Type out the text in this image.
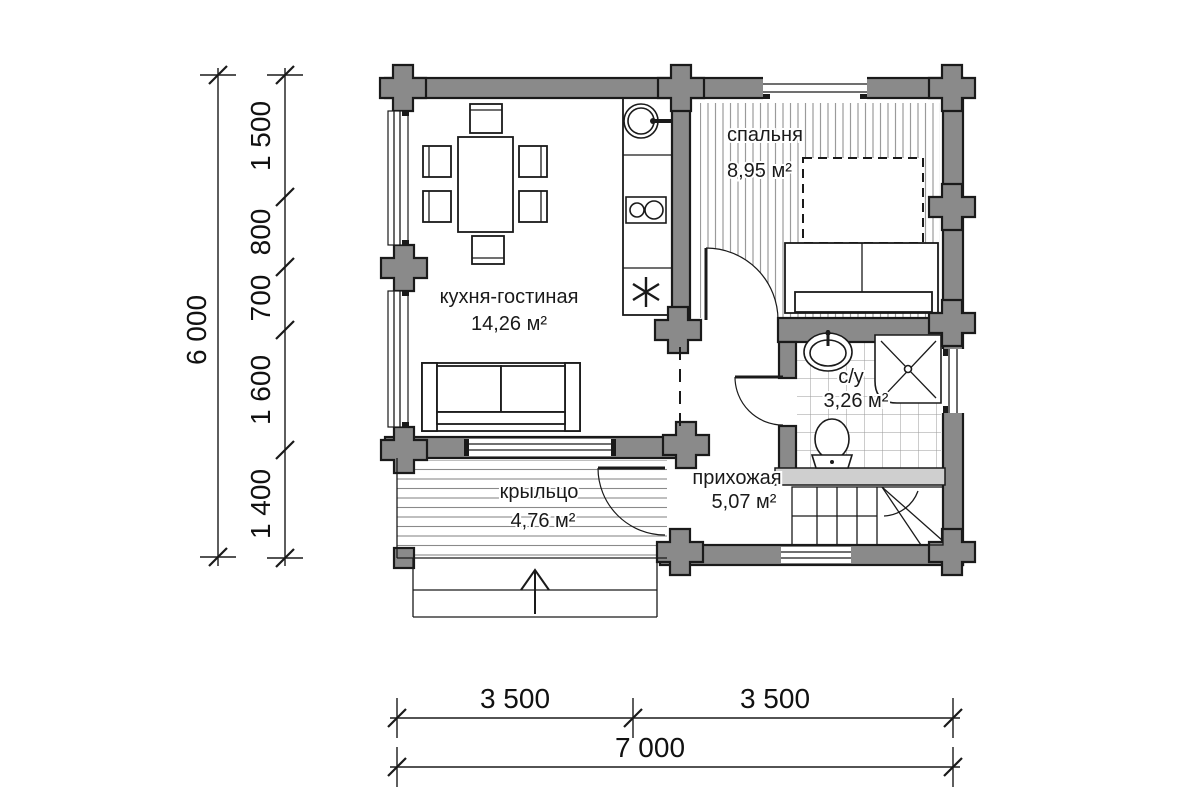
кухня-гостиная
14,26 м²
спальня
8,95 м²
с/у
3,26 м²
прихожая
5,07 м²
крыльцо
4,76 м²
6 000
1 500
800
700
1 600
1 400
3 500	3 500
7 000
